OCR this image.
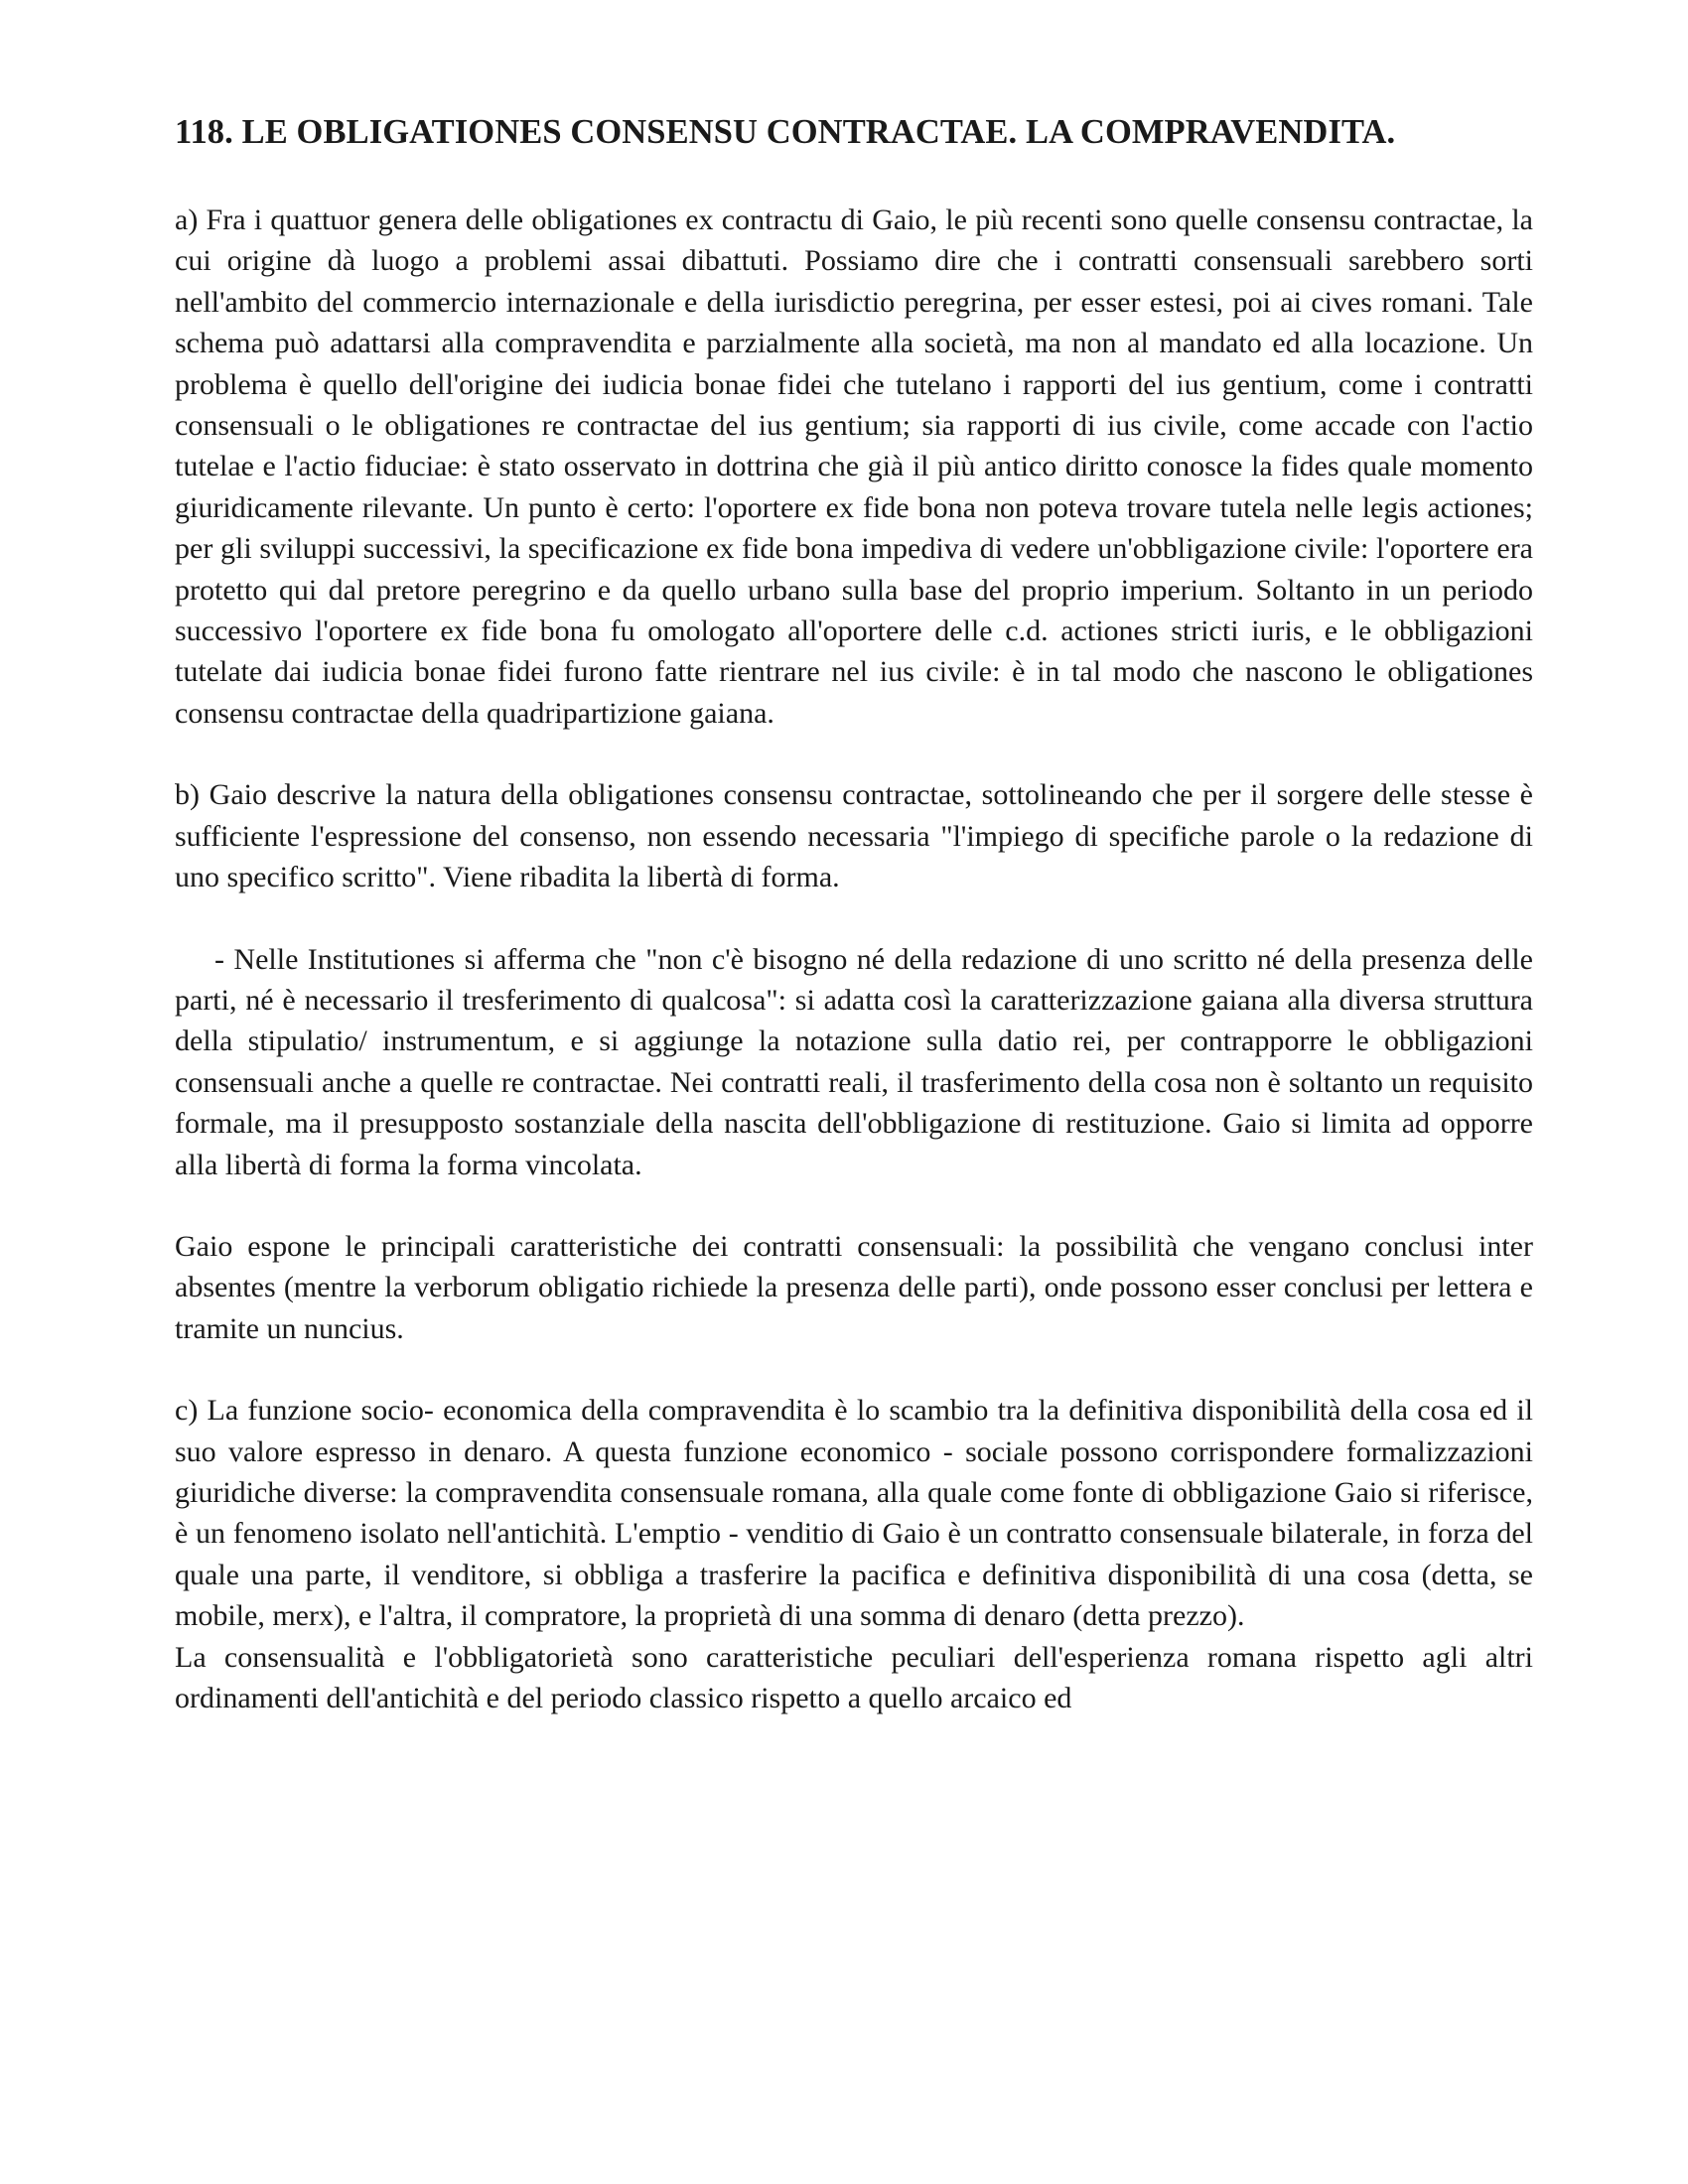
118. LE OBLIGATIONES CONSENSU CONTRACTAE. LA COMPRAVENDITA.

a) Fra i quattuor genera delle obligationes ex contractu di Gaio, le più recenti sono quelle consensu contractae, la cui origine dà luogo a problemi assai dibattuti. Possiamo dire che i contratti consensuali sarebbero sorti nell'ambito del commercio internazionale e della iurisdictio peregrina, per esser estesi, poi ai cives romani. Tale schema può adattarsi alla compravendita e parzialmente alla società, ma non al mandato ed alla locazione. Un problema è quello dell'origine dei iudicia bonae fidei che tutelano i rapporti del ius gentium, come i contratti consensuali o le obligationes re contractae del ius gentium; sia rapporti di ius civile, come accade con l'actio tutelae e l'actio fiduciae: è stato osservato in dottrina che già il più antico diritto conosce la fides quale momento giuridicamente rilevante. Un punto è certo: l'oportere ex fide bona non poteva trovare tutela nelle legis actiones; per gli sviluppi successivi, la specificazione ex fide bona impediva di vedere un'obbligazione civile: l'oportere era protetto qui dal pretore peregrino e da quello urbano sulla base del proprio imperium. Soltanto in un periodo successivo l'oportere ex fide bona fu omologato all'oportere delle c.d. actiones stricti iuris, e le obbligazioni tutelate dai iudicia bonae fidei furono fatte rientrare nel ius civile: è in tal modo che nascono le obligationes consensu contractae della quadripartizione gaiana.

b) Gaio descrive la natura della obligationes consensu contractae, sottolineando che per il sorgere delle stesse è sufficiente l'espressione del consenso, non essendo necessaria "l'impiego di specifiche parole o la redazione di uno specifico scritto". Viene ribadita la libertà di forma.

- Nelle Institutiones si afferma che "non c'è bisogno né della redazione di uno scritto né della presenza delle parti, né è necessario il tresferimento di qualcosa": si adatta così la caratterizzazione gaiana alla diversa struttura della stipulatio/ instrumentum, e si aggiunge la notazione sulla datio rei, per contrapporre le obbligazioni consensuali anche a quelle re contractae. Nei contratti reali, il trasferimento della cosa non è soltanto un requisito formale, ma il presupposto sostanziale della nascita dell'obbligazione di restituzione. Gaio si limita ad opporre alla libertà di forma la forma vincolata.

Gaio espone le principali caratteristiche dei contratti consensuali: la possibilità che vengano conclusi inter absentes (mentre la verborum obligatio richiede la presenza delle parti), onde possono esser conclusi per lettera e tramite un nuncius.

c) La funzione socio- economica della compravendita è lo scambio tra la definitiva disponibilità della cosa ed il suo valore espresso in denaro. A questa funzione economico - sociale possono corrispondere formalizzazioni giuridiche diverse: la compravendita consensuale romana, alla quale come fonte di obbligazione Gaio si riferisce, è un fenomeno isolato nell'antichità. L'emptio - venditio di Gaio è un contratto consensuale bilaterale, in forza del quale una parte, il venditore, si obbliga a trasferire la pacifica e definitiva disponibilità di una cosa (detta, se mobile, merx), e l'altra, il compratore, la proprietà di una somma di denaro (detta prezzo).

La consensualità e l'obbligatorietà sono caratteristiche peculiari dell'esperienza romana rispetto agli altri ordinamenti dell'antichità e del periodo classico rispetto a quello arcaico ed
